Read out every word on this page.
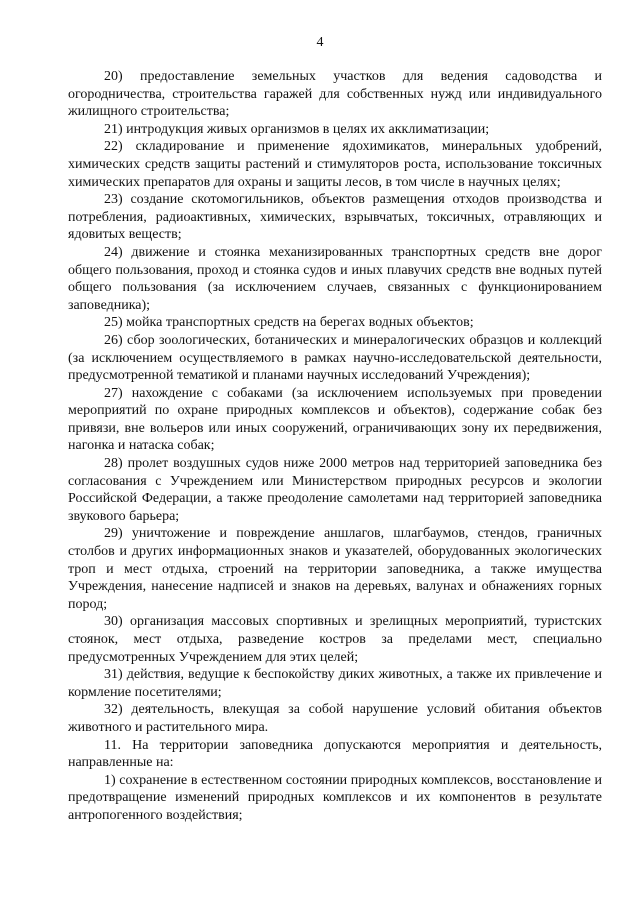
4

20) предоставление земельных участков для ведения садоводства и огородничества, строительства гаражей для собственных нужд или индивидуального жилищного строительства;

21) интродукция живых организмов в целях их акклиматизации;

22) складирование и применение ядохимикатов, минеральных удобрений, химических средств защиты растений и стимуляторов роста, использование токсичных химических препаратов для охраны и защиты лесов, в том числе в научных целях;

23) создание скотомогильников, объектов размещения отходов производства и потребления, радиоактивных, химических, взрывчатых, токсичных, отравляющих и ядовитых веществ;

24) движение и стоянка механизированных транспортных средств вне дорог общего пользования, проход и стоянка судов и иных плавучих средств вне водных путей общего пользования (за исключением случаев, связанных с функционированием заповедника);

25) мойка транспортных средств на берегах водных объектов;

26) сбор зоологических, ботанических и минералогических образцов и коллекций (за исключением осуществляемого в рамках научно-исследовательской деятельности, предусмотренной тематикой и планами научных исследований Учреждения);

27) нахождение с собаками (за исключением используемых при проведении мероприятий по охране природных комплексов и объектов), содержание собак без привязи, вне вольеров или иных сооружений, ограничивающих зону их передвижения, нагонка и натаска собак;

28) пролет воздушных судов ниже 2000 метров над территорией заповедника без согласования с Учреждением или Министерством природных ресурсов и экологии Российской Федерации, а также преодоление самолетами над территорией заповедника звукового барьера;

29) уничтожение и повреждение аншлагов, шлагбаумов, стендов, граничных столбов и других информационных знаков и указателей, оборудованных экологических троп и мест отдыха, строений на территории заповедника, а также имущества Учреждения, нанесение надписей и знаков на деревьях, валунах и обнажениях горных пород;

30) организация массовых спортивных и зрелищных мероприятий, туристских стоянок, мест отдыха, разведение костров за пределами мест, специально предусмотренных Учреждением для этих целей;

31) действия, ведущие к беспокойству диких животных, а также их привлечение и кормление посетителями;

32) деятельность, влекущая за собой нарушение условий обитания объектов животного и растительного мира.

11. На территории заповедника допускаются мероприятия и деятельность, направленные на:

1) сохранение в естественном состоянии природных комплексов, восстановление и предотвращение изменений природных комплексов и их компонентов в результате антропогенного воздействия;
